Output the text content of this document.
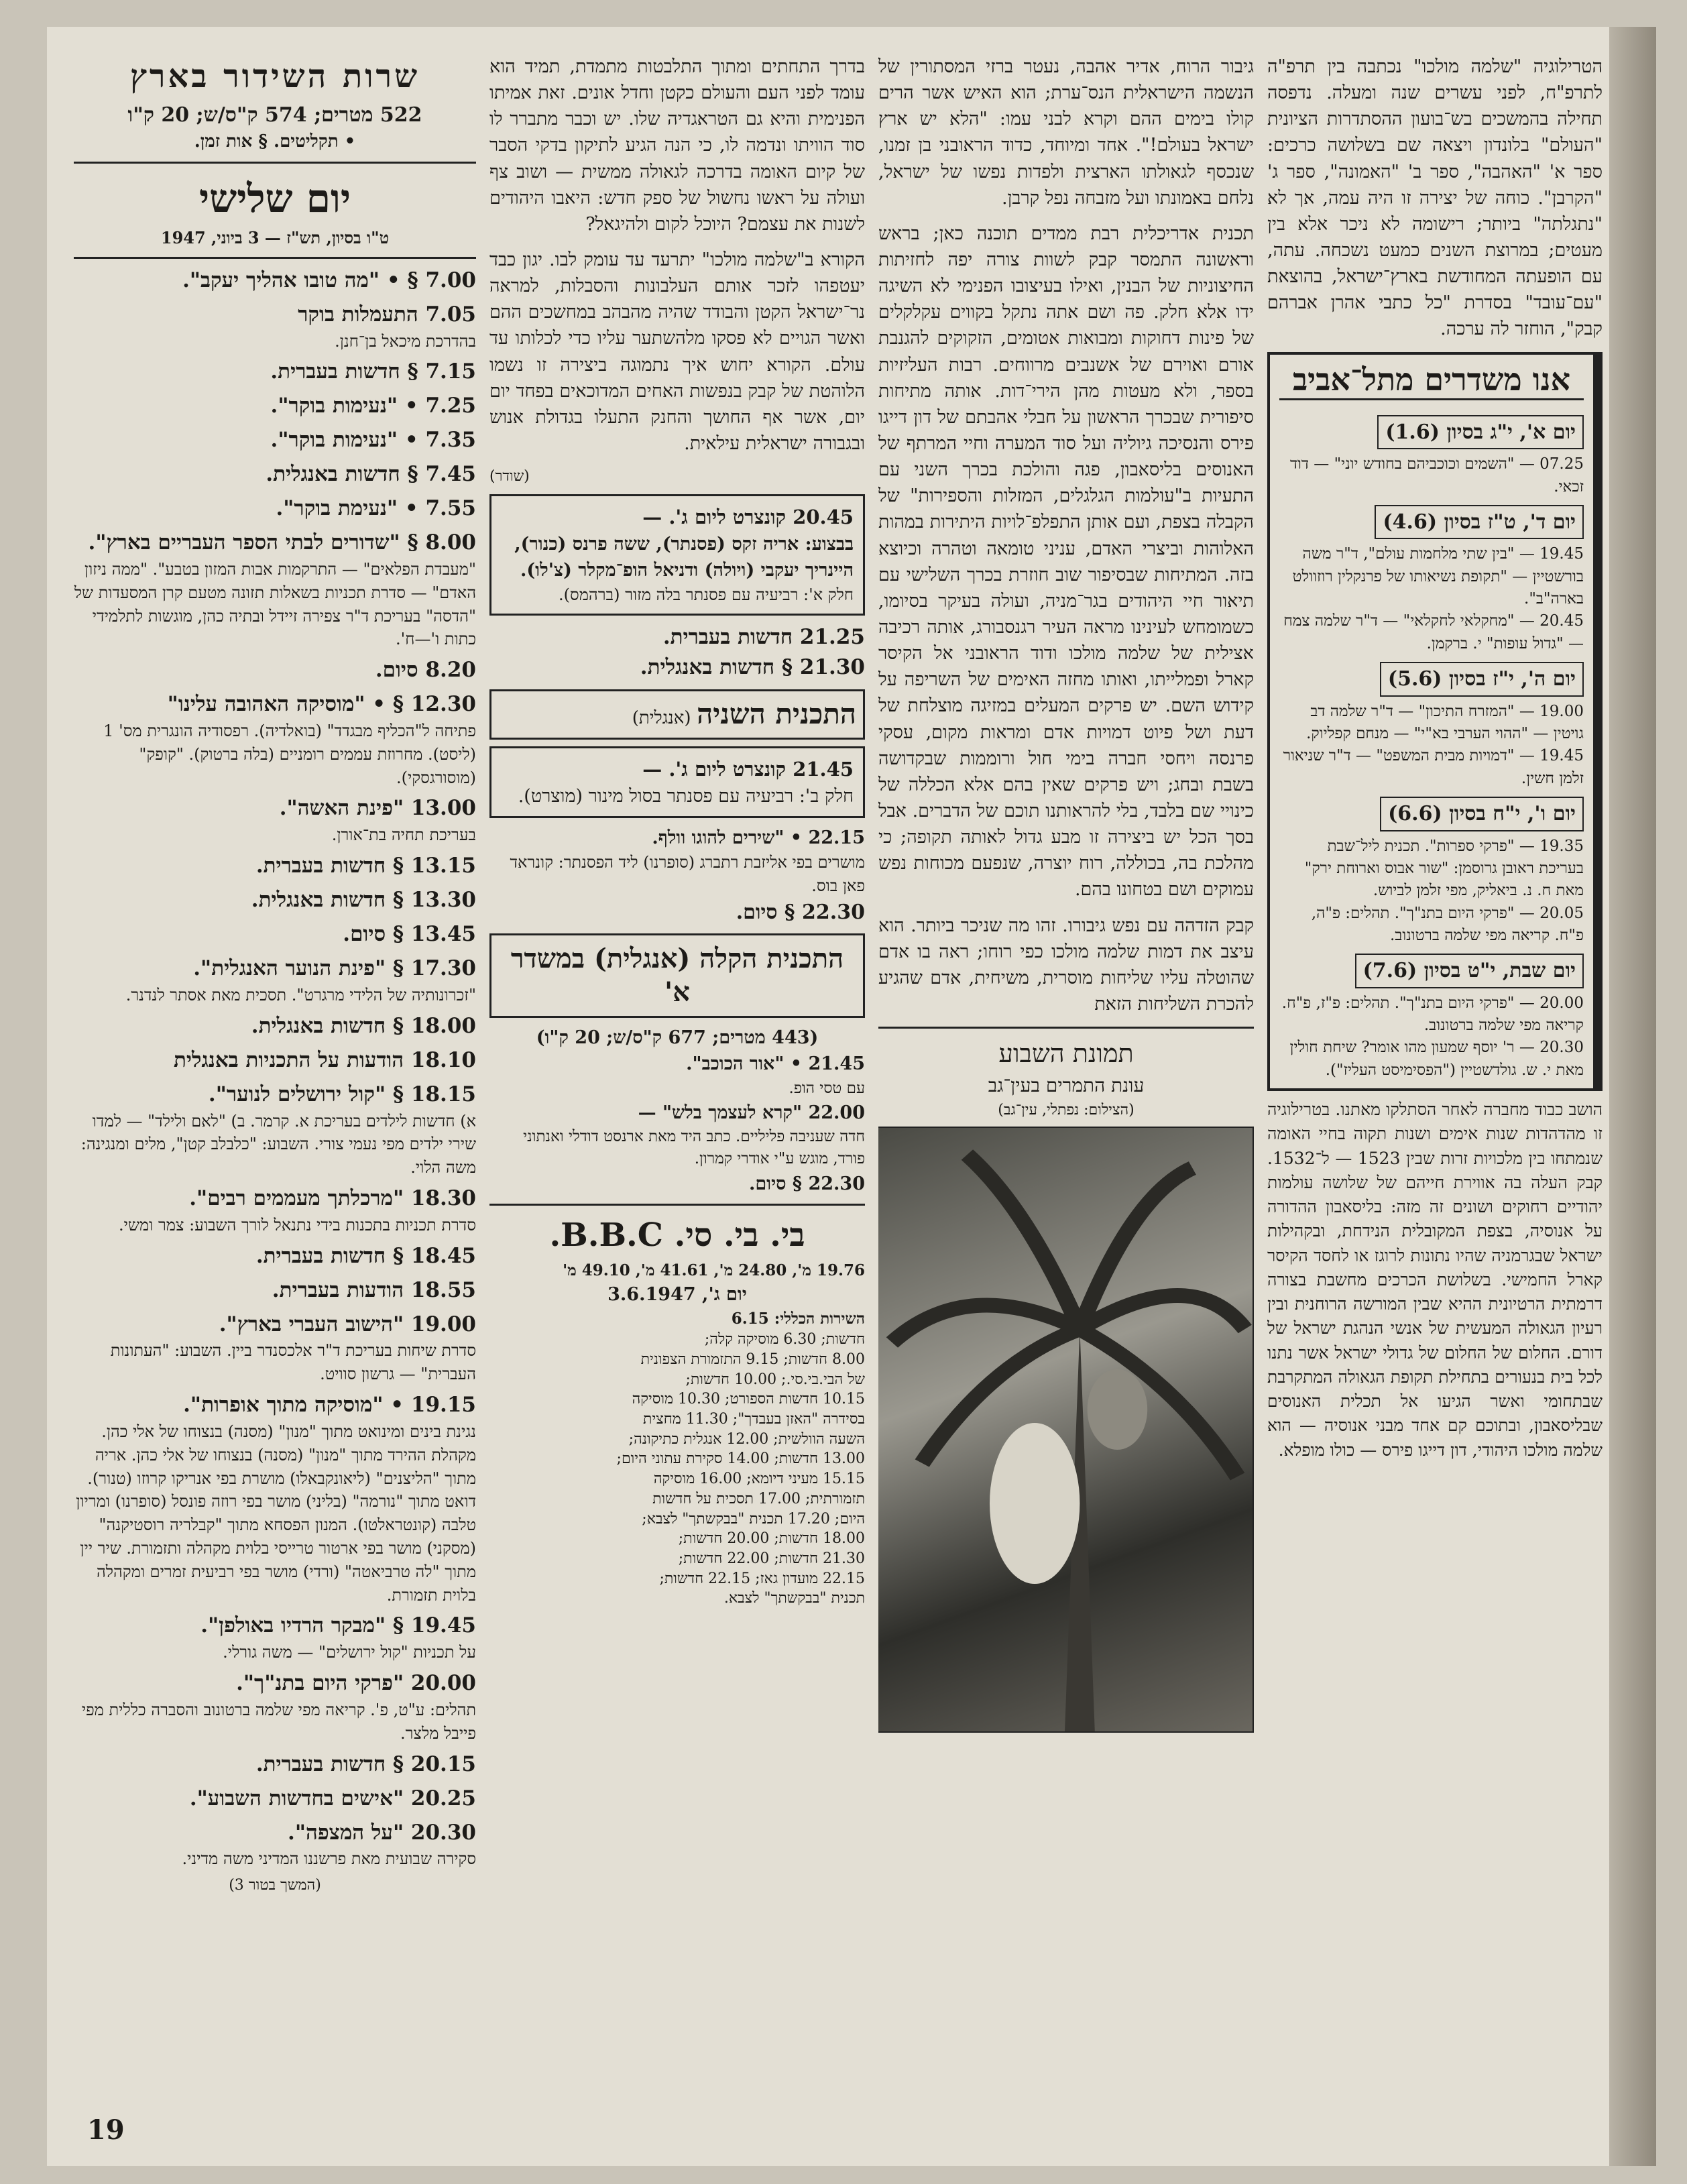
שרות השידור בארץ
522 מטרים; 574 ק"ס/ש; 20 ק"ו
• תקליטים. § אות זמן.
יום שלישי
ט"ו בסיון, תש"ז — 3 ביוני, 1947
7.00 § • "מה טובו אהליך יעקב".
7.05 התעמלות בוקר
בהדרכת מיכאל בן־חנן.
7.15 § חדשות בעברית.
7.25 • "נעימות בוקר".
7.35 • "נעימות בוקר".
7.45 § חדשות באנגלית.
7.55 • "נעימת בוקר".
8.00 § "שדורים לבתי הספר העבריים בארץ".
"מעבדת הפלאים" — התרקמות אבות המזון בטבע". "ממה ניזון האדם" — סדרת תכניות בשאלות תזונה מטעם קרן המסעדות של "הדסה" בעריכת ד"ר צפירה זיידל ובתיה כהן, מוגשות לתלמידי כתות ו'—ח'.
8.20 סיום.
12.30 § • "מוסיקה האהובה עלינו"
פתיחה ל"הכליף מבגדד" (בואלדיה). רפסודיה הונגרית מס' 1 (ליסט). מחרוזת עממים רומניים (בלה ברטוק). "קופק" (מוסורגסקי).
13.00 "פינת האשה".
בעריכת תחיה בת־אורן.
13.15 § חדשות בעברית.
13.30 § חדשות באנגלית.
13.45 § סיום.
17.30 § "פינת הנוער האנגלית".
"זכרונותיה של הלידי מרגרט". תסכית מאת אסתר לנדנר.
18.00 § חדשות באנגלית.
18.10 הודעות על התכניות באנגלית
18.15 § "קול ירושלים לנוער".
א) חדשות לילדים בעריכת א. קרמר. ב) "לאם ולילד" — למדו שירי ילדים מפי נעמי צורי. השבוע: "כלבלב קטן", מלים ומנגינה: משה הלוי.
18.30 "מרכלתך מעממים רבים".
סדרת תכניות בתכנות בידי נתנאל לורך השבוע: צמר ומשי.
18.45 § חדשות בעברית.
18.55 הודעות בעברית.
19.00 "הישוב העברי בארץ".
סדרת שיחות בעריכת ד"ר אלכסנדר ביין. השבוע: "העתונות העברית" — גרשון סוויט.
19.15 • "מוסיקה מתוך אופרות".
נגינת בינים ומינואט מתוך "מנון" (מסנה) בנצוחו של אלי כהן. מקהלת ההירד מתוך "מנון" (מסנה) בנצוחו של אלי כהן. אריה מתוך "הליצנים" (ליאונקבאלו) מושרת בפי אנריקו קרוזו (טנור). דואט מתוך "נורמה" (בליני) מושר בפי רוזה פונסל (סופרנו) ומריון טלבה (קונטראלטו). המנון הפסחא מתוך "קבלריה רוסטיקנה" (מסקני) מושר בפי ארטור טרייסי בלוית מקהלה ותזמורת. שיר יין מתוך "לה טרביאטה" (ורדי) מושר בפי רביעית זמרים ומקהלה בלוית תזמורת.
19.45 § "מבקר הרדיו באולפן".
על תכניות "קול ירושלים" — משה גורלי.
20.00 "פרקי היום בתנ"ך".
תהלים: ע"ט, פ'. קריאה מפי שלמה ברטונוב והסברה כללית מפי פייבל מלצר.
20.15 § חדשות בעברית.
20.25 "אישים בחדשות השבוע".
20.30 "על המצפה".
סקירה שבועית מאת פרשננו המדיני משה מדיני.
(המשך בטור 3)

בדרך התחתים ומתוך התלבטות מתמדת, תמיד הוא עומד לפני העם והעולם כקטן וחדל אונים. זאת אמיתו הפנימית והיא גם הטראגדיה שלו. יש וכבר מתברר לו סוד הוויתו ונדמה לו, כי הנה הגיע לתיקון בדקי הסבר של קיום האומה בדרכה לגאולה ממשית — ושוב צף ועולה על ראשו נחשול של ספק חדש: היאבו היהודים לשנות את עצמם? היוכל לקום ולהיגאל?

הקורא ב"שלמה מולכו" יתרעד עד עומק לבו. יגון כבד יעטפהו לזכר אותם העלבונות והסבלות, למראה נר־ישראל הקטן והבודד שהיה מהבהב במחשכים ההם ואשר הגויים לא פסקו מלהשתער עליו כדי לכלותו עד עולם. הקורא יחוש איך נתמוגה ביצירה זו נשמו הלוהטת של קבק בנפשות האחים המדוכאים בפחד יום יום, אשר אף החושך והחנק התעלו בגדולת אנוש ובגבורה ישראלית עילאית.

(שודר)
20.45 קונצרט ליום ג'. —
בבצוע: אריה זקס (פסנתר), ששה פרנס (כנור), היינריך יעקבי (ויולה) ודניאל הופ־מקלר (צ'לו).
חלק א': רביעיה עם פסנתר בלה מזור (ברהמס).
21.25 חדשות בעברית.
21.30 § חדשות באנגלית.
התכנית השניה (אנגלית)
21.45 קונצרט ליום ג'. —
חלק ב': רביעיה עם פסנתר בסול מינור (מוצרט).
22.15 • "שירים להוגו וולף.
מושרים בפי אליזבת רתברג (סופרנו) ליד הפסנתר: קונראד פאן בוס.
22.30 § סיום.
התכנית הקלה (אנגלית) במשדר א'
(443 מטרים; 677 ק"ס/ש; 20 ק"ו)
21.45 • "אור הכוכב".
עם טסי הופ.
22.00 "קרא לעצמך בלש" —
חדה שעניבה פליליים. כתב היד מאת ארנסט דודלי ואנתוני פורד, מוגש ע"י אודרי קמרון.
22.30 § סיום.
בי. בי. סי. B.B.C.
19.76 מ', 24.80 מ', 41.61 מ', 49.10 מ'
יום ג', 3.6.1947
השירות הכללי: 6.15
חדשות; 6.30 מוסיקה קלה;
8.00 חדשות; 9.15 התזמורת הצפונית
של הבי.בי.סי.; 10.00 חדשות;
10.15 חדשות הספורט; 10.30 מוסיקה
בסידרה "האזן בעבדך"; 11.30 מחצית
השעה הוולשית; 12.00 אנגלית כתיקונה;
13.00 חדשות; 14.00 סקירת עתוני היום;
15.15 מעיני דיומא; 16.00 מוסיקה
תזמורתית; 17.00 תסכית על חדשות
היום; 17.20 תכנית "בבקשתך" לצבא;
18.00 חדשות; 20.00 חדשות;
21.30 חדשות; 22.00 חדשות;
22.15 מועדון גאז; 22.15 חדשות;
תכנית "בבקשתך" לצבא.

גיבור הרוח, אדיר אהבה, נעטר ברזי המסתורין של הנשמה הישראלית הנס־ערת; הוא האיש אשר הרים קולו בימים ההם וקרא לבני עמו: "הלא יש ארץ ישראל בעולם!". אחד ומיוחד, כדוד הראובני בן זמנו, שנכסף לגאולתו הארצית ולפדות נפשו של ישראל, נלחם באמונתו ועל מזבחה נפל קרבן.

תכנית אדריכלית רבת ממדים תוכנה כאן; בראש וראשונה התמסר קבק לשוות צורה יפה לחזיתות החיצוניות של הבנין, ואילו בעיצובו הפנימי לא השיגה ידו אלא חלק. פה ושם אתה נתקל בקווים עקלקלים של פינות דחוקות ומבואות אטומים, הזקוקים להגנבת אורם ואוירם של אשנבים מרווחים. רבות העליזיות בספר, ולא מעטות מהן הירי־דות. אותה מתיחות סיפורית שבכרך הראשון על חבלי אהבתם של דון דייגו פירס והנסיכה גיוליה ועל סוד המערה וחיי המרתף של האנוסים בליסאבון, פגה והולכת בכרך השני עם התעיות ב"עולמות הגלגלים, המזלות והספירות" של הקבלה בצפת, ועם אותן התפלפ־לויות היתירות במהות האלוהות וביצרי האדם, עניני טומאה וטהרה וכיוצא בזה. המתיחות שבסיפור שוב חוזרת בכרך השלישי עם תיאור חיי היהודים בגר־מניה, ועולה בעיקר בסיומו, כשמומחש לעינינו מראה העיר רגנסבורג, אותה רכיבה אצילית של שלמה מולכו ודוד הראובני אל הקיסר קארל ופמלייתו, ואותו מחזה האימים של השריפה על קידוש השם. יש פרקים המעלים במזיגה מוצלחת של דעת ושל פיוט דמויות אדם ומראות מקום, עסקי פרנסה ויחסי חברה בימי חול ורוממות שבקדושה בשבת ובחג; ויש פרקים שאין בהם אלא הכללה של כינויי שם בלבד, בלי להראותנו תוכם של הדברים. אבל בסך הכל יש ביצירה זו מבע גדול לאותה תקופה; כי מהלכת בה, בכוללה, רוח יוצרה, שנפעם מכוחות נפש עמוקים ושם בטחונו בהם.

קבק הזדהה עם נפש גיבורו. זהו מה שניכר ביותר. הוא עיצב את דמות שלמה מולכו כפי רוחו; ראה בו אדם שהוטלה עליו שליחות מוסרית, משיחית, אדם שהגיע להכרת השליחות הזאת

תמונת השבוע
עונת התמרים בעין־גב
(הצילום: נפתלי, עין־גב)

הטרילוגיה "שלמה מולכו" נכתבה בין תרפ"ה לתרפ"ח, לפני עשרים שנה ומעלה. נדפסה תחילה בהמשכים בש־בועון ההסתדרות הציונית "העולם" בלונדון ויצאה שם בשלושה כרכים: ספר א' "האהבה", ספר ב' "האמונה", ספר ג' "הקרבן". כוחה של יצירה זו היה עמה, אך לא "נתגלתה" ביותר; רישומה לא ניכר אלא בין מעטים; במרוצת השנים כמעט נשכחה. עתה, עם הופעתה המחודשת בארץ־ישראל, בהוצאת "עם־עובד" בסדרת "כל כתבי אהרן אברהם קבק", הוחזר לה ערכה.

אנו משדרים מתל־אביב
יום א', י"ג בסיון (1.6)
07.25 — "השמים וכוכביהם בחודש יוני" — דוד זכאי.
יום ד', ט"ז בסיון (4.6)
19.45 — "בין שתי מלחמות עולם", ד"ר משה בורשטיין — "תקופת נשיאותו של פרנקלין רוזוולט בארה"ב".
20.45 — "מחקלאי לחקלאי" — ד"ר שלמה צמח — "גדול עופות" י. ברקמן.
יום ה', י"ז בסיון (5.6)
19.00 — "המזרח התיכון" — ד"ר שלמה דב גויטין — "ההוי הערבי בא"י" — מנחם קפליוק.
19.45 — "דמויות מבית המשפט" — ד"ר שניאור זלמן חשין.
יום ו', י"ח בסיון (6.6)
19.35 — "פרקי ספרות". תכנית ליל־שבת בעריכת ראובן גרוסמן: "שור אבוס וארוחת ירק" מאת ח. נ. ביאליק, מפי זלמן לביוש.
20.05 — "פרקי היום בתנ"ך". תהלים: פ"ה, פ"ח. קריאה מפי שלמה ברטונוב.
יום שבת, י"ט בסיון (7.6)
20.00 — "פרקי היום בתנ"ך". תהלים: פ"ז, פ"ח. קריאה מפי שלמה ברטונוב.
20.30 — ר' יוסף שמעון מהו אומר? שיחת חולין מאת י. ש. גולדשטיין ("הפסימיסט העליז").

הושב כבוד מחברה לאחר הסתלקו מאתנו. בטרילוגיה זו מהדהדות שנות אימים ושנות תקוה בחיי האומה שנמתחו בין מלכויות זרות שבין 1523 — ל־1532. קבק העלה בה אווירת חייהם של שלושה עולמות יהודיים רחוקים ושונים זה מזה: בליסאבון ההדורה על אנוסיה, בצפת המקובלית הנידחת, ובקהילות ישראל שבגרמניה שהיו נתונות לרוגז או לחסד הקיסר קארל החמישי. בשלושת הכרכים מחשבת בצורה דרמתית הרטיונית ההיא שבין המורשה הרוחנית ובין רעיון הגאולה המעשית של אנשי הנהגת ישראל של דורם. החלום של החלום של גדולי ישראל אשר נתנו לכל בית בנעורים בתחילת תקופת הגאולה המתקרבת שבתחומי ואשר הגיעו אל תכלית האנוסים שבליסאבון, ובתוכם קם אחד מבני אנוסיה — הוא שלמה מולכו היהודי, דון דייגו פירס — כולו מופלא.

19
